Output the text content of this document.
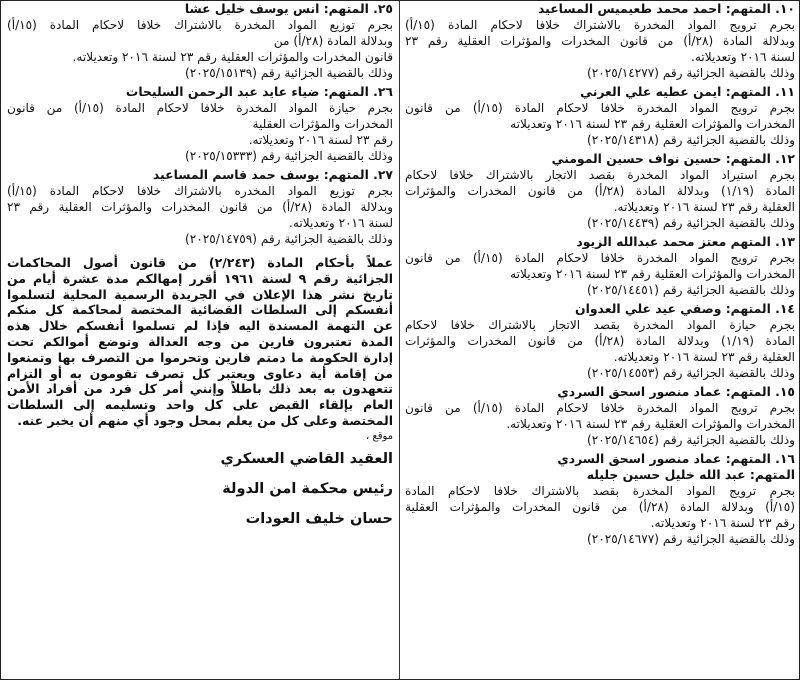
١٠. المتهم: احمد محمد طعيميس المساعيد
بجرم ترويج المواد المخدرة بالاشتراك خلافا لاحكام المادة (١٥/أ)
وبدلالة المادة (٢٨/أ) من قانون المخدرات والمؤثرات العقلية رقم ٢٣
لسنة ٢٠١٦ وتعديلاته.
وذلك بالقضية الجزائية رقم (٢٠٢٥/١٤٢٧٧)
١١. المتهم: ايمن عطيه علي العرني
بجرم ترويج المواد المخدرة خلافا لاحكام المادة (١٥/أ) من قانون
المخدرات والمؤثرات العقلية رقم ٢٣ لسنة ٢٠١٦ وتعديلاته
وذلك بالقضية الجزائية رقم (٢٠٢٥/١٤٣١٨)
١٢. المتهم: حسين نواف حسين المومني
بجرم استيراد المواد المخدرة بقصد الاتجار بالاشتراك خلافا لاحكام
المادة (١/١٩) وبدلالة المادة (٢٨/أ) من قانون المخدرات والمؤثرات
العقلية رقم ٢٣ لسنة ٢٠١٦ وتعديلاته.
وذلك بالقضية الجزائية رقم (٢٠٢٥/١٤٤٣٩)
١٣. المتهم معتز محمد عبدالله الزيود
بجرم ترويج المواد المخدرة خلافا لاحكام المادة (١٥/أ) من قانون
المخدرات والمؤثرات العقلية رقم ٢٣ لسنة ٢٠١٦ وتعديلاته
وذلك بالقضية الجزائية رقم (٢٠٢٥/١٤٤٥١)
١٤. المتهم: وصفي عيد علي العدوان
بجرم حيازة المواد المخدرة بقصد الاتجار بالاشتراك خلافا لاحكام
المادة (١/١٩) وبدلالة المادة (٢٨/أ) من قانون المخدرات والمؤثرات
العقلية رقم ٢٣ لسنة ٢٠١٦ وتعديلاته.
وذلك بالقضية الجزائية رقم (٢٠٢٥/١٤٥٥٣)
١٥. المتهم: عماد منصور اسحق السردي
بجرم ترويج المواد المخدرة خلافا لاحكام المادة (١٥/أ) من قانون
المخدرات والمؤثرات العقلية رقم ٢٣ لسنة ٢٠١٦ وتعديلاته.
وذلك بالقضية الجزائية رقم (٢٠٢٥/١٤٦٥٤)
١٦. المتهم: عماد منصور اسحق السردي
المتهم: عبد الله خليل حسين جليله
بجرم ترويج المواد المخدرة بقصد بالاشتراك خلافا لاحكام المادة
(١٥/أ) وبدلالة المادة (٢٨/أ) من قانون المخدرات والمؤثرات العقلية
رقم ٢٣ لسنة ٢٠١٦ وتعديلاته.
وذلك بالقضية الجزائية رقم (٢٠٢٥/١٤٦٧٧)
٢٥. المتهم: انس يوسف خليل عشا
بجرم توزيع المواد المخدرة بالاشتراك خلافا لاحكام المادة (١٥/أ)
وبدلالة المادة (٢٨/أ) من
قانون المخدرات والمؤثرات العقلية رقم ٢٣ لسنة ٢٠١٦ وتعديلاته.
وذلك بالقضية الجزائية رقم (٢٠٢٥/١٥١٣٩)
٢٦. المتهم: ضياء عايد عبد الرحمن السليحات
بجرم حيازة المواد المخدرة خلافا لاحكام المادة (١٥/أ) من قانون
المخدرات والمؤثرات العقلية
رقم ٢٣ لسنة ٢٠١٦ وتعديلاته.
وذلك بالقضية الجزائية رقم (٢٠٢٥/١٥٣٣٣)
٢٧. المتهم: يوسف حمد قاسم المساعيد
بجرم توزيع المواد المخدره بالاشتراك خلافا لاحكام المادة (١٥/أ)
وبدلالة المادة (٢٨/أ) من قانون المخدرات والمؤثرات العقلية رقم ٢٣
لسنة ٢٠١٦ وتعديلاته.
وذلك بالقضية الجزائية رقم (٢٠٢٥/١٤٧٥٩)
عملاً بأحكام المادة (٢/٢٤٣) من قانون أصول المحاكمات
الجزائية رقم ٩ لسنة ١٩٦١ أقرر إمهالكم مدة عشرة أيام من
تاريخ نشر هذا الإعلان في الجريدة الرسمية المحلية لتسلموا
أنفسكم إلى السلطات القضائية المختصة لمحاكمة كل منكم
عن التهمة المسندة اليه فإذا لم تسلموا أنفسكم خلال هذه
المدة تعتبرون فارين من وجه العدالة وتوضع أموالكم تحت
إدارة الحكومة ما دمتم فارين وتحرموا من التصرف بها وتمنعوا
من إقامة أية دعاوى ويعتبر كل تصرف تقومون به أو التزام
تتعهدون به بعد ذلك باطلاً وإنني أمر كل فرد من أفراد الأمن
العام بإلقاء القبض على كل واحد وتسليمه إلى السلطات
المختصة وعلى كل من يعلم بمحل وجود أي منهم أن يخبر عنه.
موقع ،
العقيد القاضي العسكري
رئيس محكمة امن الدولة
حسان خليف العودات
